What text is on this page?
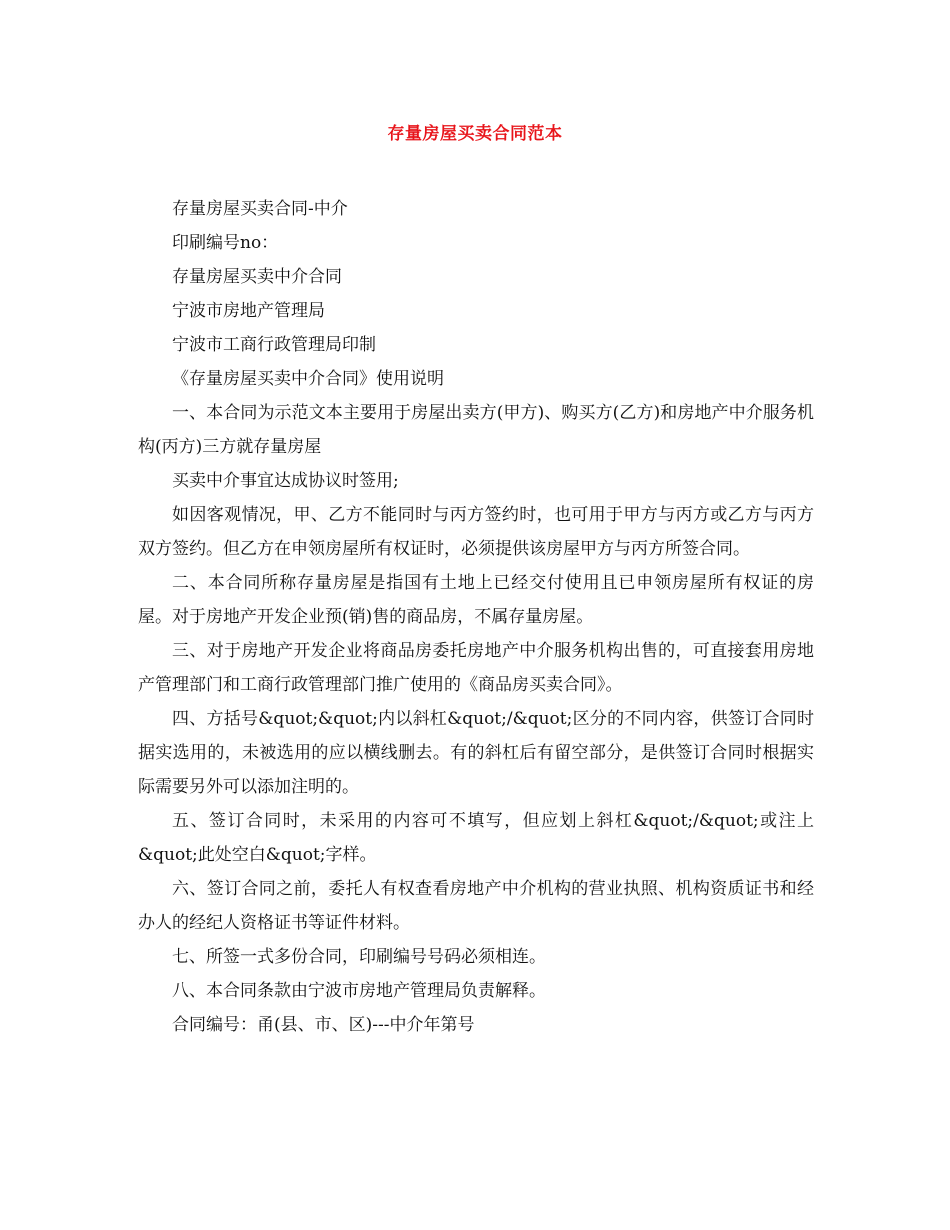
存量房屋买卖合同范本

存量房屋买卖合同-中介

印刷编号no：

存量房屋买卖中介合同

宁波市房地产管理局

宁波市工商行政管理局印制

《存量房屋买卖中介合同》使用说明

一、本合同为示范文本主要用于房屋出卖方(甲方)、购买方(乙方)和房地产中介服务机构(丙方)三方就存量房屋

买卖中介事宜达成协议时签用;

如因客观情况，甲、乙方不能同时与丙方签约时，也可用于甲方与丙方或乙方与丙方双方签约。但乙方在申领房屋所有权证时，必须提供该房屋甲方与丙方所签合同。

二、本合同所称存量房屋是指国有土地上已经交付使用且已申领房屋所有权证的房屋。对于房地产开发企业预(销)售的商品房，不属存量房屋。

三、对于房地产开发企业将商品房委托房地产中介服务机构出售的，可直接套用房地产管理部门和工商行政管理部门推广使用的《商品房买卖合同》。

四、方括号&quot;&quot;内以斜杠&quot;/&quot;区分的不同内容，供签订合同时据实选用的，未被选用的应以横线删去。有的斜杠后有留空部分，是供签订合同时根据实际需要另外可以添加注明的。

五、签订合同时，未采用的内容可不填写，但应划上斜杠&quot;/&quot;或注上&quot;此处空白&quot;字样。

六、签订合同之前，委托人有权查看房地产中介机构的营业执照、机构资质证书和经办人的经纪人资格证书等证件材料。

七、所签一式多份合同，印刷编号号码必须相连。

八、本合同条款由宁波市房地产管理局负责解释。

合同编号：甬(县、市、区)---中介年第号
